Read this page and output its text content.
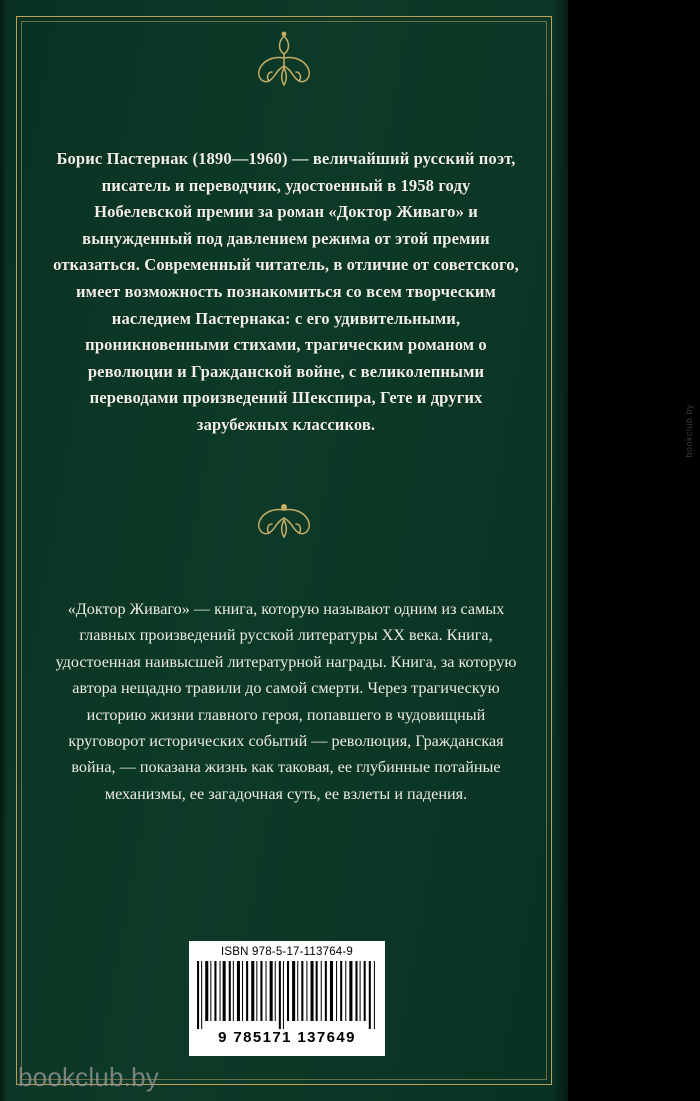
Борис Пастернак (1890—1960) — величайший русский поэт, писатель и переводчик, удостоенный в 1958 году Нобелевской премии за роман «Доктор Живаго» и вынужденный под давлением режима от этой премии отказаться. Современный читатель, в отличие от советского, имеет возможность познакомиться со всем творческим наследием Пастернака: с его удивительными, проникновенными стихами, трагическим романом о революции и Гражданской войне, с великолепными переводами произведений Шекспира, Гете и других зарубежных классиков.
«Доктор Живаго» — книга, которую называют одним из самых главных произведений русской литературы XX века. Книга, удостоенная наивысшей литературной награды. Книга, за которую автора нещадно травили до самой смерти. Через трагическую историю жизни главного героя, попавшего в чудовищный круговорот исторических событий — революция, Гражданская война, — показана жизнь как таковая, ее глубинные потайные механизмы, ее загадочная суть, ее взлеты и падения.
ISBN 978-5-17-113764-9
9 785171 137649
bookclub.by
bookclub.by
